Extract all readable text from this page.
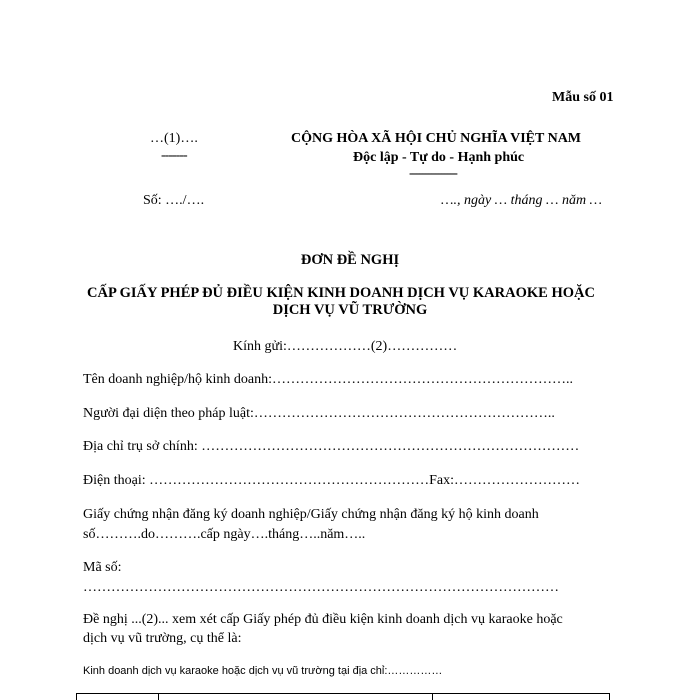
Mẫu số 01
…(1)….
-------
CỘNG HÒA XÃ HỘI CHỦ NGHĨA VIỆT NAM
Độc lập - Tự do - Hạnh phúc
---------------
Số: …./….	…., ngày … tháng … năm …
ĐƠN ĐỀ NGHỊ
CẤP GIẤY PHÉP ĐỦ ĐIỀU KIỆN KINH DOANH DỊCH VỤ KARAOKE HOẶC
DỊCH VỤ VŨ TRƯỜNG
Kính gửi:………………(2)……………
Tên doanh nghiệp/hộ kinh doanh:………………………………………………………..
Người đại diện theo pháp luật:………………………………………………………..
Địa chỉ trụ sở chính: ………………………………………………………………………
Điện thoại: ……………………………………………………Fax:………………………
Giấy chứng nhận đăng ký doanh nghiệp/Giấy chứng nhận đăng ký hộ kinh doanh
số……….do……….cấp ngày….tháng…..năm…..
Mã số:
…………………………………………………………………………………………
Đề nghị ...(2)... xem xét cấp Giấy phép đủ điều kiện kinh doanh dịch vụ karaoke hoặc
dịch vụ vũ trường, cụ thể là:
Kinh doanh dịch vụ karaoke hoặc dịch vụ vũ trường tại địa chỉ:……………
